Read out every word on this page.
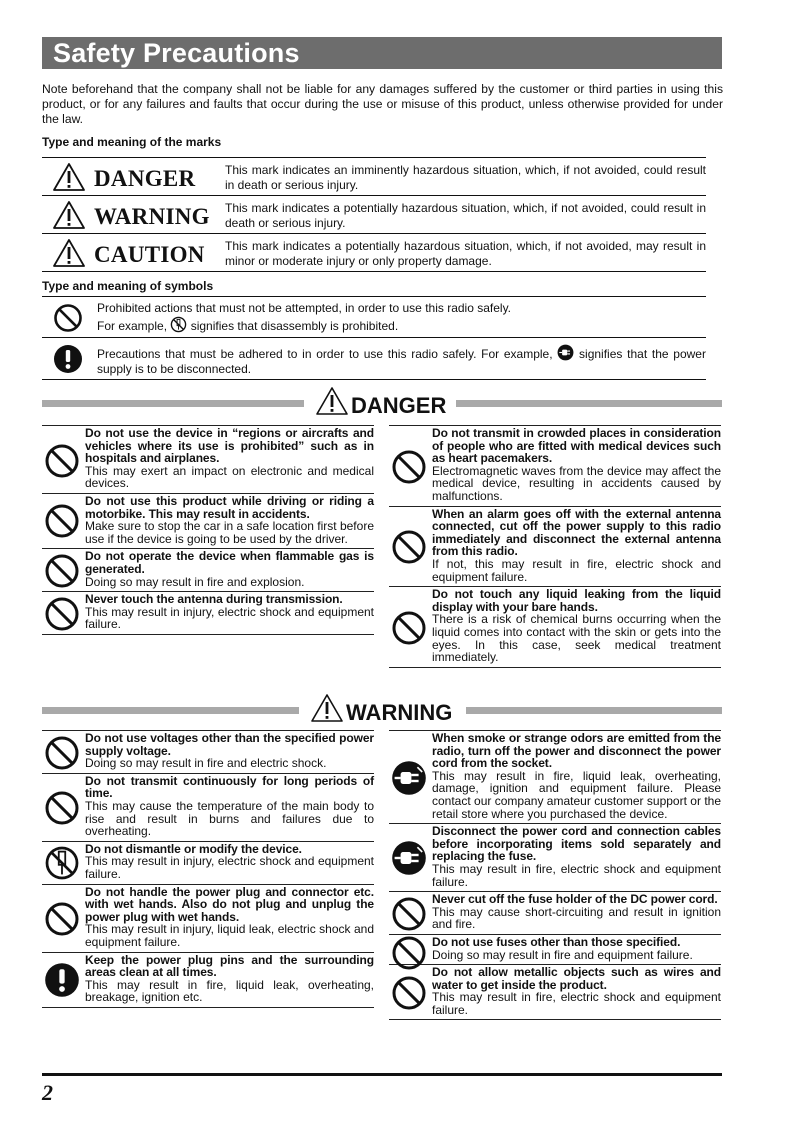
Safety Precautions
Note beforehand that the company shall not be liable for any damages suffered by the customer or third parties in using this product, or for any failures and faults that occur during the use or misuse of this product, unless otherwise provided for under the law.
Type and meaning of the marks
DANGER This mark indicates an imminently hazardous situation, which, if not avoided, could result in death or serious injury.
WARNING This mark indicates a potentially hazardous situation, which, if not avoided, could result in death or serious injury.
CAUTION This mark indicates a potentially hazardous situation, which, if not avoided, may result in minor or moderate injury or only property damage.
Type and meaning of symbols
Prohibited actions that must not be attempted, in order to use this radio safely.
For example, signifies that disassembly is prohibited.
Precautions that must be adhered to in order to use this radio safely. For example, signifies that the power supply is to be disconnected.
DANGER
WARNING
Do not use the device in “regions or aircrafts and vehicles where its use is prohibited” such as in hospitals and airplanes.
This may exert an impact on electronic and medical devices.
Do not use this product while driving or riding a motorbike. This may result in accidents.
Make sure to stop the car in a safe location first before use if the device is going to be used by the driver.
Do not operate the device when flammable gas is generated.
Doing so may result in fire and explosion.
Never touch the antenna during transmission.
This may result in injury, electric shock and equipment failure.
Do not transmit in crowded places in consideration of people who are fitted with medical devices such as heart pacemakers.
Electromagnetic waves from the device may affect the medical device, resulting in accidents caused by malfunctions.
When an alarm goes off with the external antenna connected, cut off the power supply to this radio immediately and disconnect the external antenna from this radio.
If not, this may result in fire, electric shock and equipment failure.
Do not touch any liquid leaking from the liquid display with your bare hands.
There is a risk of chemical burns occurring when the liquid comes into contact with the skin or gets into the eyes. In this case, seek medical treatment immediately.
Do not use voltages other than the specified power supply voltage.
Doing so may result in fire and electric shock.
Do not transmit continuously for long periods of time.
This may cause the temperature of the main body to rise and result in burns and failures due to overheating.
Do not dismantle or modify the device.
This may result in injury, electric shock and equipment failure.
Do not handle the power plug and connector etc. with wet hands. Also do not plug and unplug the power plug with wet hands.
This may result in injury, liquid leak, electric shock and equipment failure.
Keep the power plug pins and the surrounding areas clean at all times.
This may result in fire, liquid leak, overheating, breakage, ignition etc.
When smoke or strange odors are emitted from the radio, turn off the power and disconnect the power cord from the socket.
This may result in fire, liquid leak, overheating, damage, ignition and equipment failure. Please contact our company amateur customer support or the retail store where you purchased the device.
Disconnect the power cord and connection cables before incorporating items sold separately and replacing the fuse.
This may result in fire, electric shock and equipment failure.
Never cut off the fuse holder of the DC power cord.
This may cause short-circuiting and result in ignition and fire.
Do not use fuses other than those specified.
Doing so may result in fire and equipment failure.
Do not allow metallic objects such as wires and water to get inside the product.
This may result in fire, electric shock and equipment failure.
2
